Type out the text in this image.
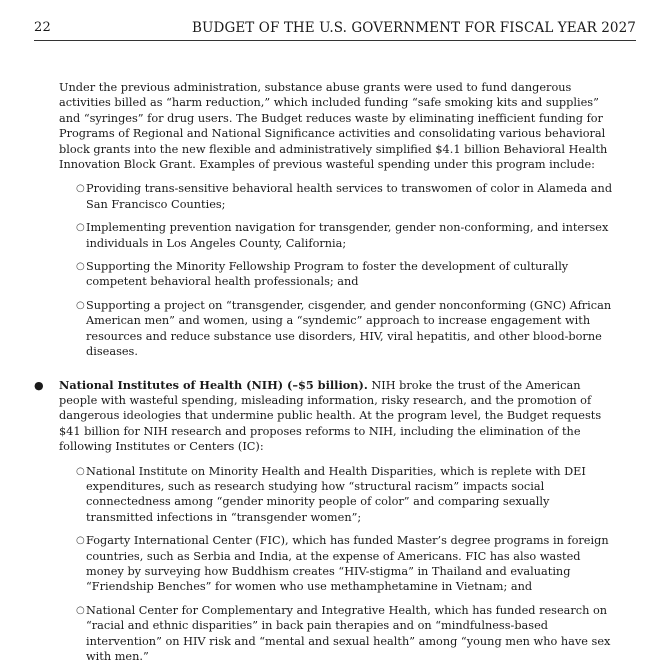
22	BUDGET OF THE U.S. GOVERNMENT FOR FISCAL YEAR 2027

Under the previous administration, substance abuse grants were used to fund dangerous activities billed as “harm reduction,” which included funding “safe smoking kits and supplies” and “syringes” for drug users. The Budget reduces waste by eliminating inefficient funding for Programs of Regional and National Significance activities and consolidating various behavioral block grants into the new flexible and administratively simplified $4.1 billion Behavioral Health Innovation Block Grant. Examples of previous wasteful spending under this program include:

○ Providing trans-sensitive behavioral health services to transwomen of color in Alameda and San Francisco Counties;
○ Implementing prevention navigation for transgender, gender non-conforming, and intersex individuals in Los Angeles County, California;
○ Supporting the Minority Fellowship Program to foster the development of culturally competent behavioral health professionals; and
○ Supporting a project on “transgender, cisgender, and gender nonconforming (GNC) African American men” and women, using a “syndemic” approach to increase engagement with resources and reduce substance use disorders, HIV, viral hepatitis, and other blood-borne diseases.
● National Institutes of Health (NIH) (–$5 billion). NIH broke the trust of the American people with wasteful spending, misleading information, risky research, and the promotion of dangerous ideologies that undermine public health. At the program level, the Budget requests $41 billion for NIH research and proposes reforms to NIH, including the elimination of the following Institutes or Centers (IC):

○ National Institute on Minority Health and Health Disparities, which is replete with DEI expenditures, such as research studying how “structural racism” impacts social connectedness among “gender minority people of color” and comparing sexually transmitted infections in “transgender women”;
○ Fogarty International Center (FIC), which has funded Master’s degree programs in foreign countries, such as Serbia and India, at the expense of Americans. FIC has also wasted money by surveying how Buddhism creates “HIV-stigma” in Thailand and evaluating “Friendship Benches” for women who use methamphetamine in Vietnam; and
○ National Center for Complementary and Integrative Health, which has funded research on “racial and ethnic disparities” in back pain therapies and on “mindfulness-based intervention” on HIV risk and “mental and sexual health” among “young men who have sex with men.”
